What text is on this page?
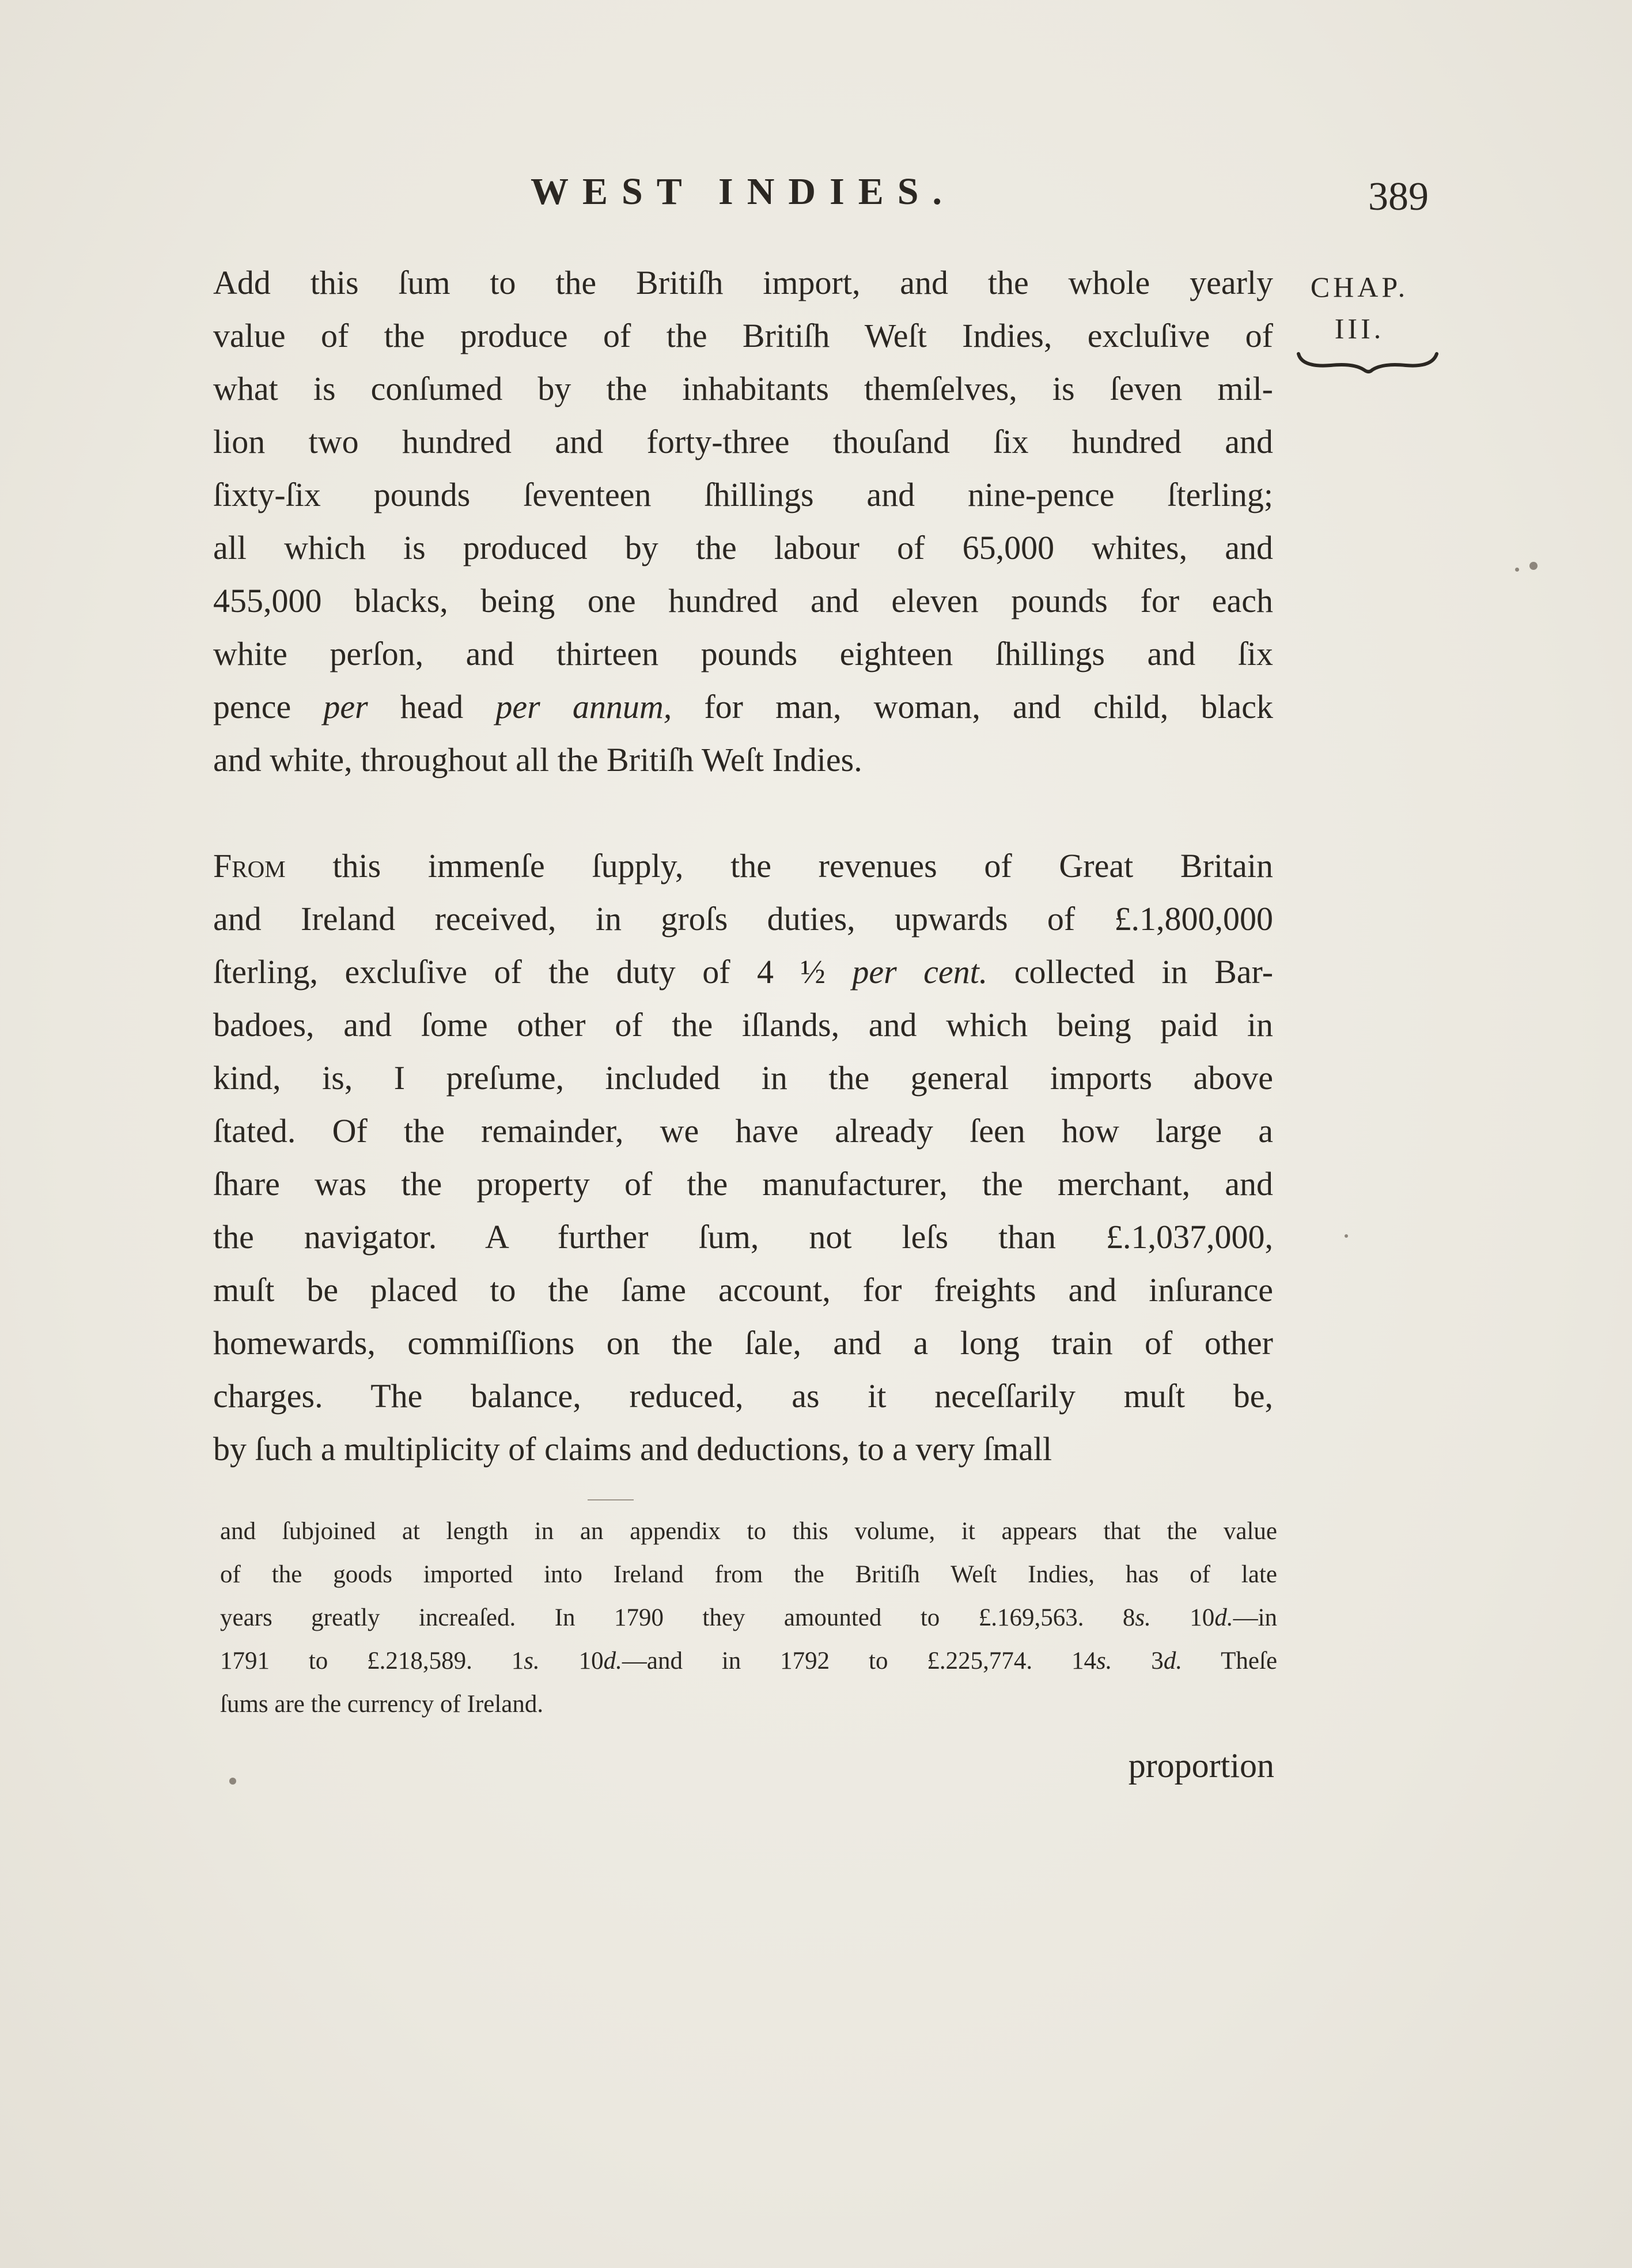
WEST INDIES.	389
CHAP.
III.
Add this ſum to the Britiſh import, and the whole yearly
value of the produce of the Britiſh Weſt Indies, excluſive of
what is conſumed by the inhabitants themſelves, is ſeven mil-
lion two hundred and forty-three thouſand ſix hundred and
ſixty-ſix pounds ſeventeen ſhillings and nine-pence ſterling;
all which is produced by the labour of 65,000 whites, and
455,000 blacks, being one hundred and eleven pounds for each
white perſon, and thirteen pounds eighteen ſhillings and ſix
pence per head per annum, for man, woman, and child, black
and white, throughout all the Britiſh Weſt Indies.
From this immenſe ſupply, the revenues of Great Britain
and Ireland received, in groſs duties, upwards of £.1,800,000
ſterling, excluſive of the duty of 4 ½ per cent. collected in Bar-
badoes, and ſome other of the iſlands, and which being paid in
kind, is, I preſume, included in the general imports above
ſtated. Of the remainder, we have already ſeen how large a
ſhare was the property of the manufacturer, the merchant, and
the navigator. A further ſum, not leſs than £.1,037,000,
muſt be placed to the ſame account, for freights and inſurance
homewards, commiſſions on the ſale, and a long train of other
charges. The balance, reduced, as it neceſſarily muſt be,
by ſuch a multiplicity of claims and deductions, to a very ſmall
and ſubjoined at length in an appendix to this volume, it appears that the value
of the goods imported into Ireland from the Britiſh Weſt Indies, has of late
years greatly increaſed. In 1790 they amounted to £.169,563. 8s. 10d.—in
1791 to £.218,589. 1s. 10d.—and in 1792 to £.225,774. 14s. 3d. Theſe
ſums are the currency of Ireland.
proportion
